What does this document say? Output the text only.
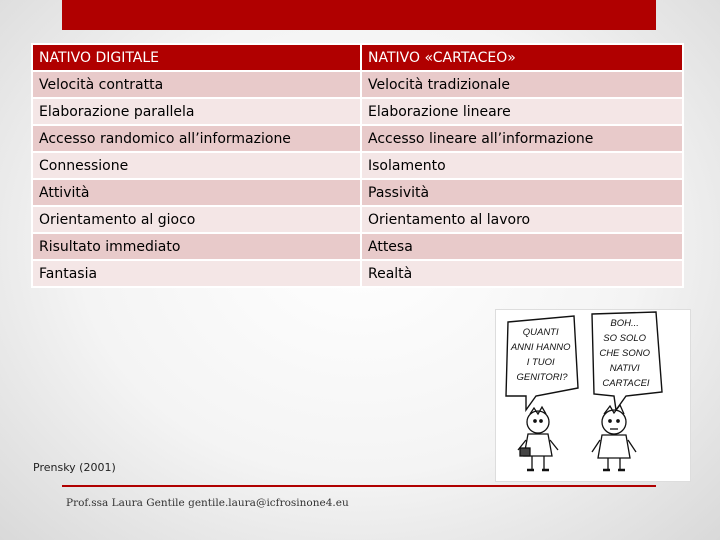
NATIVO DIGITALE	NATIVO «CARTACEO»
Velocità contratta	Velocità tradizionale
Elaborazione parallela	Elaborazione lineare
Accesso randomico all’informazione	Accesso lineare all’informazione
Connessione	Isolamento
Attività	Passività
Orientamento al gioco	Orientamento al lavoro
Risultato immediato	Attesa
Fantasia	Realtà
QUANTI ANNI HANNO I TUOI GENITORI?
BOH... SO SOLO CHE SONO NATIVI CARTACEI
Prensky (2001)
Prof.ssa Laura Gentile gentile.laura@icfrosinone4.eu
